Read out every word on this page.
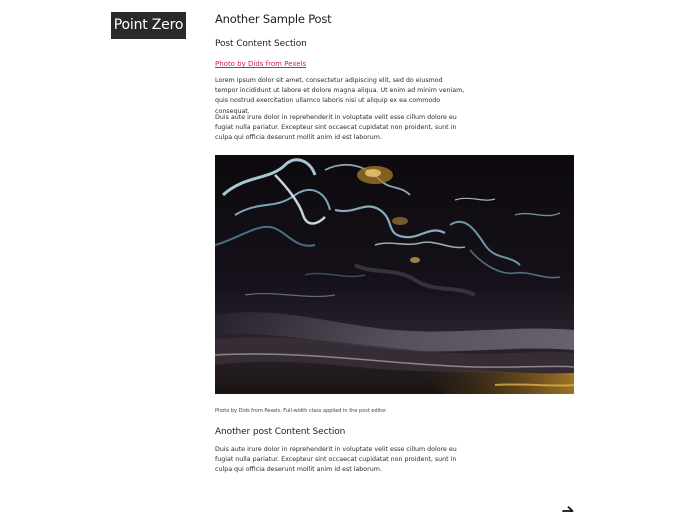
Point Zero	Another Sample Post
Post Content Section
Photo by Dids from Pexels

Lorem ipsum dolor sit amet, consectetur adipiscing elit, sed do eiusmod tempor incididunt ut labore et dolore magna aliqua. Ut enim ad minim veniam, quis nostrud exercitation ullamco laboris nisi ut aliquip ex ea commodo consequat.

Duis aute irure dolor in reprehenderit in voluptate velit esse cillum dolore eu fugiat nulla pariatur. Excepteur sint occaecat cupidatat non proident, sunt in culpa qui officia deserunt mollit anim id est laborum.

Photo by Dids from Pexels. Full-width class applied in the post editor.

Another post Content Section

Duis aute irure dolor in reprehenderit in voluptate velit esse cillum dolore eu fugiat nulla pariatur. Excepteur sint occaecat cupidatat non proident, sunt in culpa qui officia deserunt mollit anim id est laborum.
